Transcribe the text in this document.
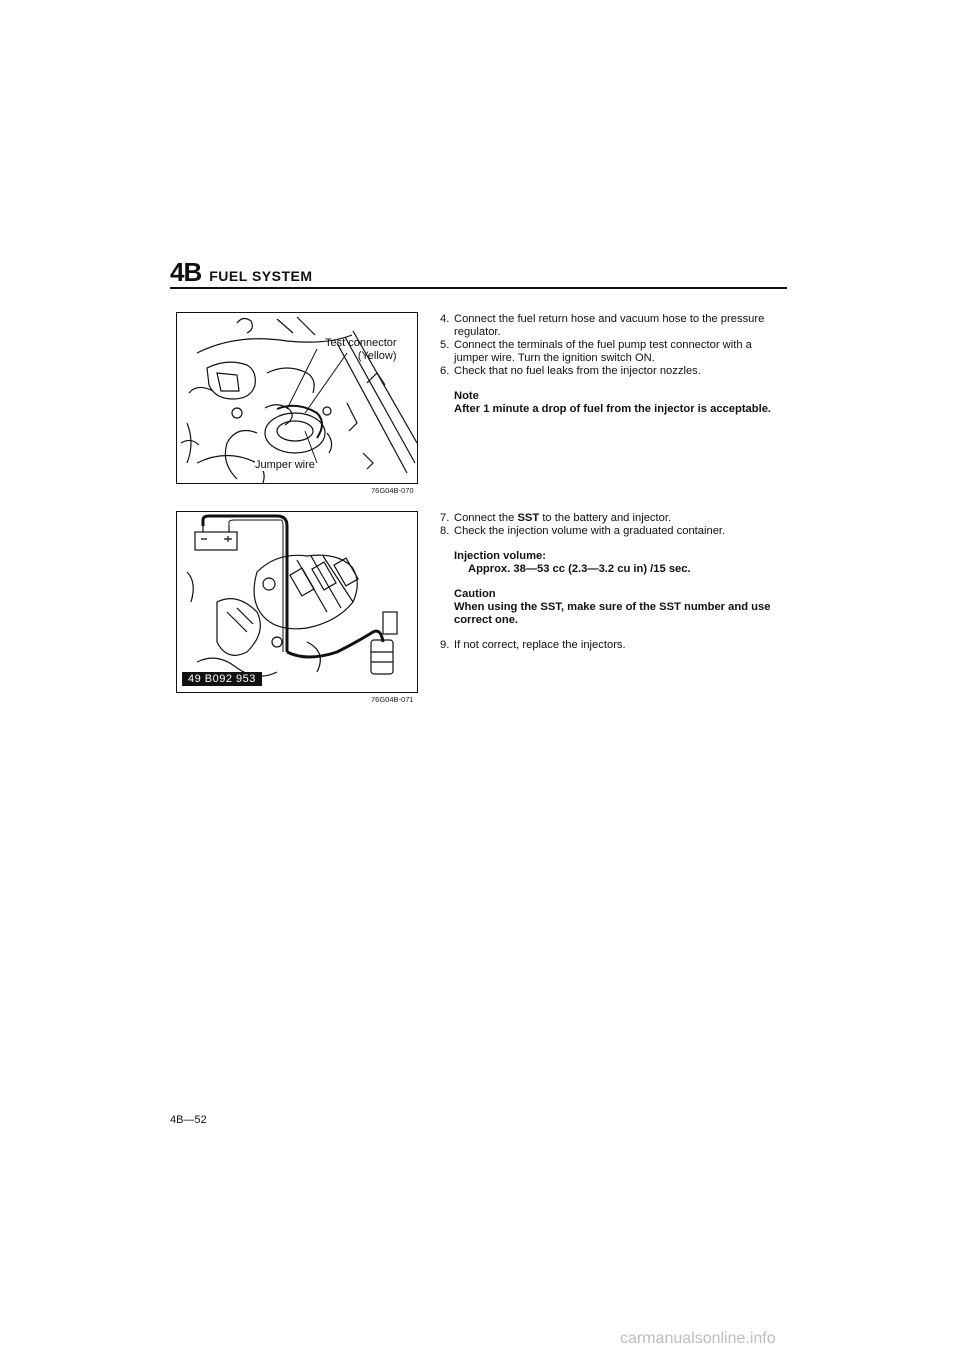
4B FUEL SYSTEM
Test connector
(Yellow)
Jumper wire
76G04B-070
49 B092 953
76G04B-071
4. Connect the fuel return hose and vacuum hose to the pressure regulator.
5. Connect the terminals of the fuel pump test connector with a jumper wire. Turn the ignition switch ON.
6. Check that no fuel leaks from the injector nozzles.
Note
After 1 minute a drop of fuel from the injector is acceptable.
7. Connect the SST to the battery and injector.
8. Check the injection volume with a graduated container.
Injection volume:
Approx. 38—53 cc (2.3—3.2 cu in) /15 sec.
Caution
When using the SST, make sure of the SST number and use correct one.
9. If not correct, replace the injectors.
4B—52
carmanualsonline.info
